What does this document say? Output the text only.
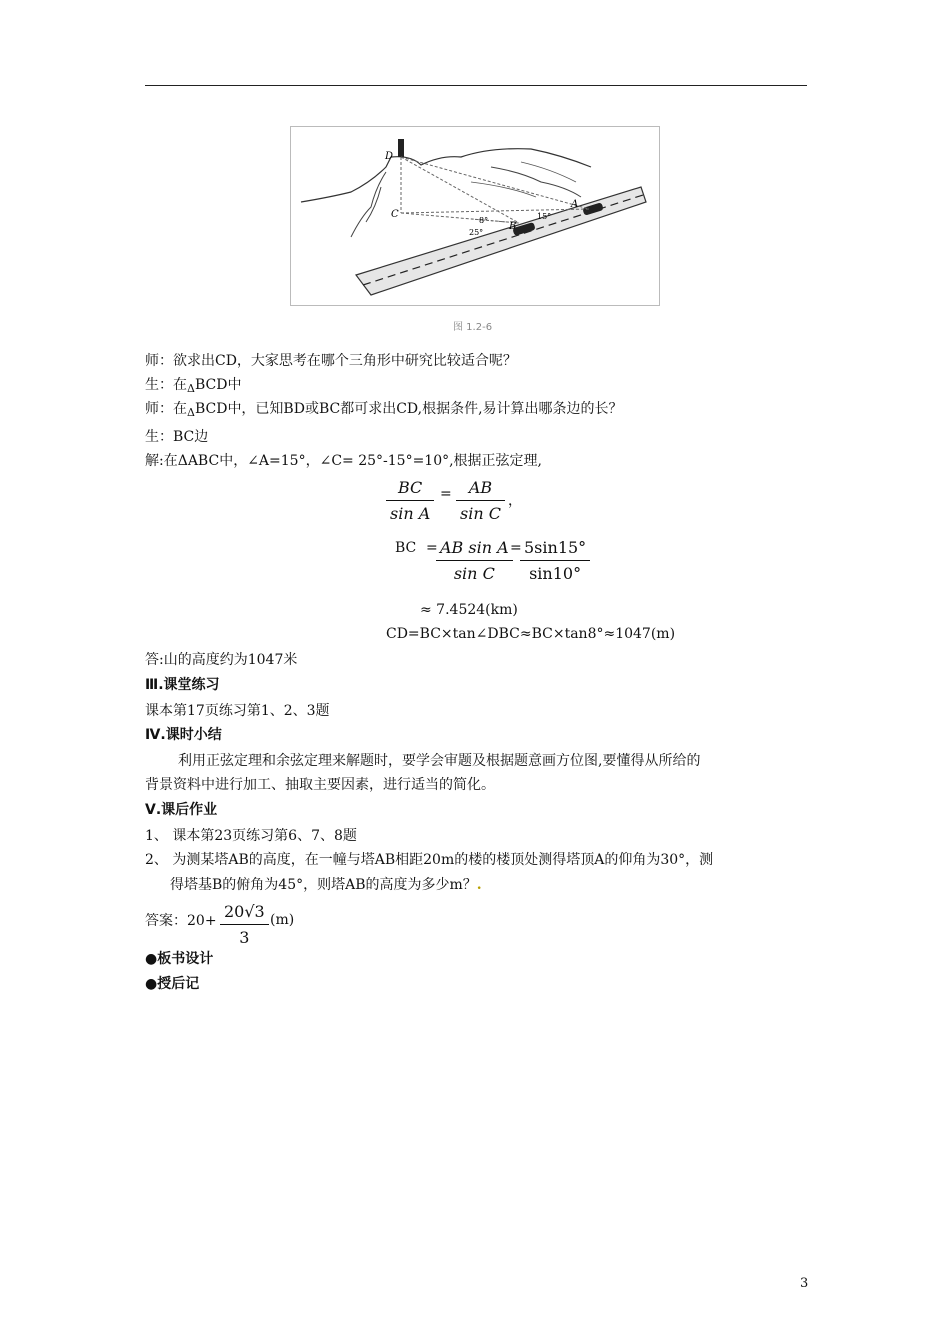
D
C
B
A
8°
25°
15°
图 1.2-6
师：欲求出CD，大家思考在哪个三角形中研究比较适合呢？
生：在$_\Delta$BCD中
师：在$_\Delta$BCD中，已知BD或BC都可求出CD,根据条件,易计算出哪条边的长？
生：BC边
解:在ΔABC中，∠A=15°，∠C= 25°-15°=10°,根据正弦定理,
BC
sin A
=	AB
sin C
，
BC = AB sin A
sin C
= 5sin15°
sin10°
≈ 7.4524(km)
CD=BC×tan∠DBC≈BC×tan8°≈1047(m)
答:山的高度约为1047米
Ⅲ.课堂练习
课本第17页练习第1、2、3题
Ⅳ.课时小结
利用正弦定理和余弦定理来解题时，要学会审题及根据题意画方位图,要懂得从所给的
背景资料中进行加工、抽取主要因素，进行适当的简化。
Ⅴ.课后作业
1、 课本第23页练习第6、7、8题
2、 为测某塔AB的高度，在一幢与塔AB相距20m的楼的楼顶处测得塔顶A的仰角为30°，测
得塔基B的俯角为45°，则塔AB的高度为多少m？.
答案：20+ 20√3
3
(m)
●板书设计
●授后记
3
